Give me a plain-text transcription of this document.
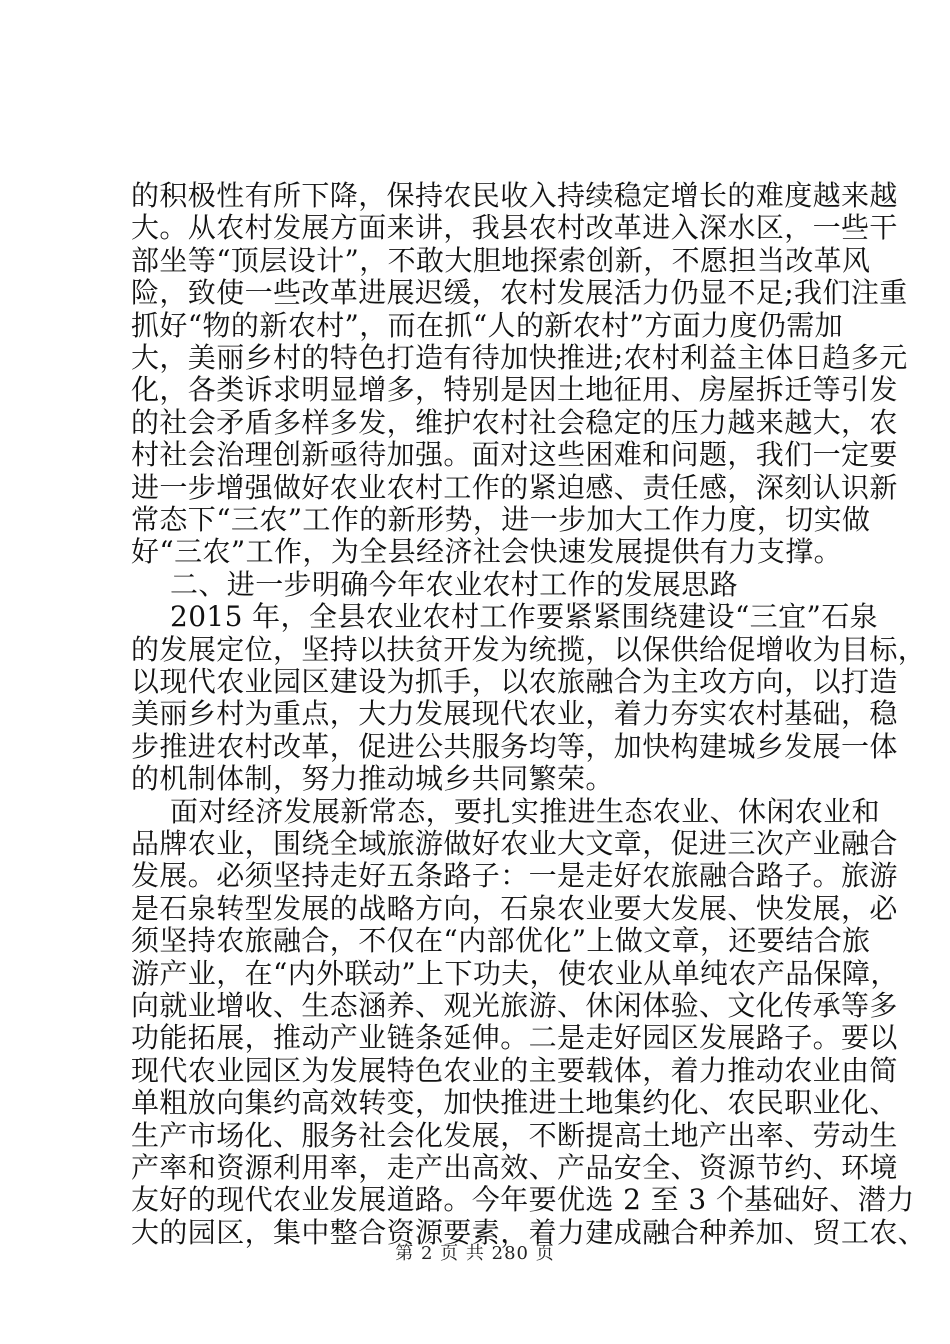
的积极性有所下降，保持农民收入持续稳定增长的难度越来越
大。从农村发展方面来讲，我县农村改革进入深水区，一些干
部坐等“顶层设计”，不敢大胆地探索创新，不愿担当改革风
险，致使一些改革进展迟缓，农村发展活力仍显不足;我们注重
抓好“物的新农村”，而在抓“人的新农村”方面力度仍需加
大，美丽乡村的特色打造有待加快推进;农村利益主体日趋多元
化，各类诉求明显增多，特别是因土地征用、房屋拆迁等引发
的社会矛盾多样多发，维护农村社会稳定的压力越来越大，农
村社会治理创新亟待加强。面对这些困难和问题，我们一定要
进一步增强做好农业农村工作的紧迫感、责任感，深刻认识新
常态下“三农”工作的新形势，进一步加大工作力度，切实做
好“三农”工作，为全县经济社会快速发展提供有力支撑。
二、进一步明确今年农业农村工作的发展思路
2015 年，全县农业农村工作要紧紧围绕建设“三宜”石泉
的发展定位，坚持以扶贫开发为统揽，以保供给促增收为目标，
以现代农业园区建设为抓手，以农旅融合为主攻方向，以打造
美丽乡村为重点，大力发展现代农业，着力夯实农村基础，稳
步推进农村改革，促进公共服务均等，加快构建城乡发展一体
的机制体制，努力推动城乡共同繁荣。
面对经济发展新常态，要扎实推进生态农业、休闲农业和
品牌农业，围绕全域旅游做好农业大文章，促进三次产业融合
发展。必须坚持走好五条路子：一是走好农旅融合路子。旅游
是石泉转型发展的战略方向，石泉农业要大发展、快发展，必
须坚持农旅融合，不仅在“内部优化”上做文章，还要结合旅
游产业，在“内外联动”上下功夫，使农业从单纯农产品保障，
向就业增收、生态涵养、观光旅游、休闲体验、文化传承等多
功能拓展，推动产业链条延伸。二是走好园区发展路子。要以
现代农业园区为发展特色农业的主要载体，着力推动农业由简
单粗放向集约高效转变，加快推进土地集约化、农民职业化、
生产市场化、服务社会化发展，不断提高土地产出率、劳动生
产率和资源利用率，走产出高效、产品安全、资源节约、环境
友好的现代农业发展道路。今年要优选 2 至 3 个基础好、潜力
大的园区，集中整合资源要素，着力建成融合种养加、贸工农、
第 2 页 共 280 页
